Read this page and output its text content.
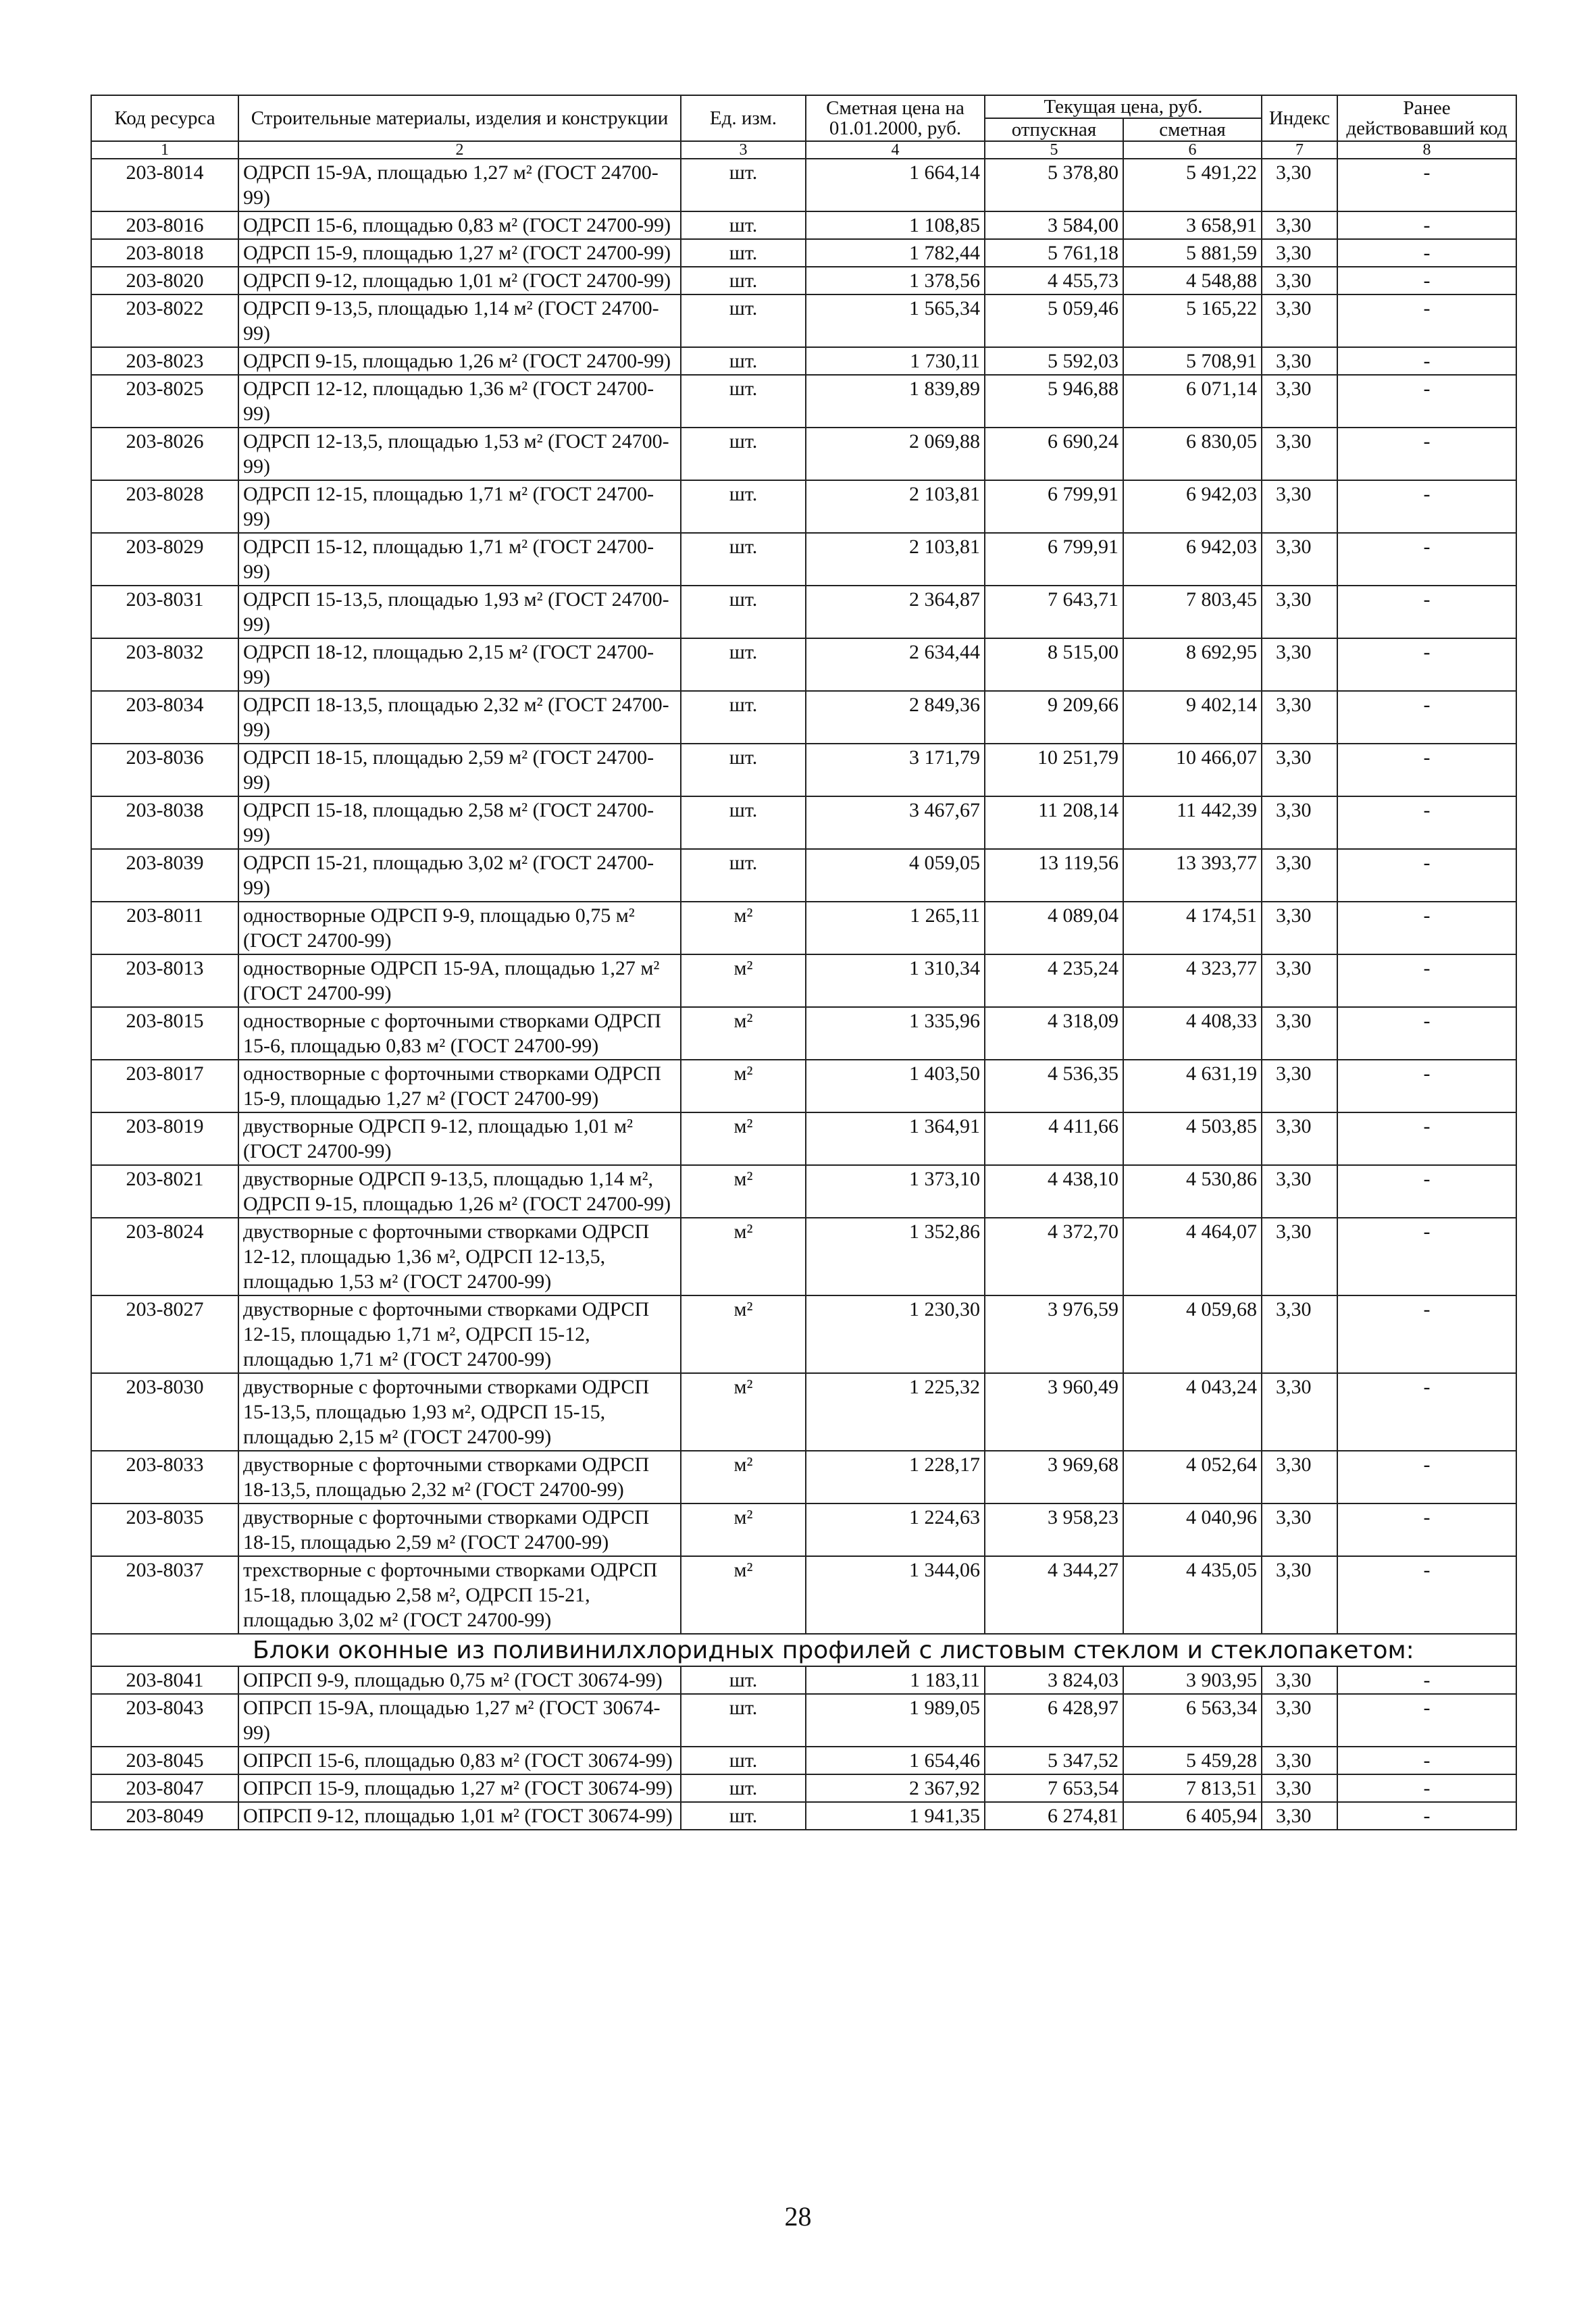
Код ресурса	Строительные материалы, изделия и конструкции	Ед. изм.	Сметная цена на 01.01.2000, руб.	Текущая цена, руб.		Индекс	Ранее действовавший код
				отпускная	сметная		
1	2	3	4	5	6	7	8
203-8014	ОДРСП 15-9А, площадью 1,27 м² (ГОСТ 24700-99)	шт.	1 664,14	5 378,80	5 491,22	3,30	-
203-8016	ОДРСП 15-6, площадью 0,83 м² (ГОСТ 24700-99)	шт.	1 108,85	3 584,00	3 658,91	3,30	-
203-8018	ОДРСП 15-9, площадью 1,27 м² (ГОСТ 24700-99)	шт.	1 782,44	5 761,18	5 881,59	3,30	-
203-8020	ОДРСП 9-12, площадью 1,01 м² (ГОСТ 24700-99)	шт.	1 378,56	4 455,73	4 548,88	3,30	-
203-8022	ОДРСП 9-13,5, площадью 1,14 м² (ГОСТ 24700-99)	шт.	1 565,34	5 059,46	5 165,22	3,30	-
203-8023	ОДРСП 9-15, площадью 1,26 м² (ГОСТ 24700-99)	шт.	1 730,11	5 592,03	5 708,91	3,30	-
203-8025	ОДРСП 12-12, площадью 1,36 м² (ГОСТ 24700-99)	шт.	1 839,89	5 946,88	6 071,14	3,30	-
203-8026	ОДРСП 12-13,5, площадью 1,53 м² (ГОСТ 24700-99)	шт.	2 069,88	6 690,24	6 830,05	3,30	-
203-8028	ОДРСП 12-15, площадью 1,71 м² (ГОСТ 24700-99)	шт.	2 103,81	6 799,91	6 942,03	3,30	-
203-8029	ОДРСП 15-12, площадью 1,71 м² (ГОСТ 24700-99)	шт.	2 103,81	6 799,91	6 942,03	3,30	-
203-8031	ОДРСП 15-13,5, площадью 1,93 м² (ГОСТ 24700-99)	шт.	2 364,87	7 643,71	7 803,45	3,30	-
203-8032	ОДРСП 18-12, площадью 2,15 м² (ГОСТ 24700-99)	шт.	2 634,44	8 515,00	8 692,95	3,30	-
203-8034	ОДРСП 18-13,5, площадью 2,32 м² (ГОСТ 24700-99)	шт.	2 849,36	9 209,66	9 402,14	3,30	-
203-8036	ОДРСП 18-15, площадью 2,59 м² (ГОСТ 24700-99)	шт.	3 171,79	10 251,79	10 466,07	3,30	-
203-8038	ОДРСП 15-18, площадью 2,58 м² (ГОСТ 24700-99)	шт.	3 467,67	11 208,14	11 442,39	3,30	-
203-8039	ОДРСП 15-21, площадью 3,02 м² (ГОСТ 24700-99)	шт.	4 059,05	13 119,56	13 393,77	3,30	-
203-8011	одностворные ОДРСП 9-9, площадью 0,75 м² (ГОСТ 24700-99)	м²	1 265,11	4 089,04	4 174,51	3,30	-
203-8013	одностворные ОДРСП 15-9А, площадью 1,27 м² (ГОСТ 24700-99)	м²	1 310,34	4 235,24	4 323,77	3,30	-
203-8015	одностворные с форточными створками ОДРСП 15-6, площадью 0,83 м² (ГОСТ 24700-99)	м²	1 335,96	4 318,09	4 408,33	3,30	-
203-8017	одностворные с форточными створками ОДРСП 15-9, площадью 1,27 м² (ГОСТ 24700-99)	м²	1 403,50	4 536,35	4 631,19	3,30	-
203-8019	двустворные ОДРСП 9-12, площадью 1,01 м² (ГОСТ 24700-99)	м²	1 364,91	4 411,66	4 503,85	3,30	-
203-8021	двустворные ОДРСП 9-13,5, площадью 1,14 м², ОДРСП 9-15, площадью 1,26 м² (ГОСТ 24700-99)	м²	1 373,10	4 438,10	4 530,86	3,30	-
203-8024	двустворные с форточными створками ОДРСП 12-12, площадью 1,36 м², ОДРСП 12-13,5, площадью 1,53 м² (ГОСТ 24700-99)	м²	1 352,86	4 372,70	4 464,07	3,30	-
203-8027	двустворные с форточными створками ОДРСП 12-15, площадью 1,71 м², ОДРСП 15-12, площадью 1,71 м² (ГОСТ 24700-99)	м²	1 230,30	3 976,59	4 059,68	3,30	-
203-8030	двустворные с форточными створками ОДРСП 15-13,5, площадью 1,93 м², ОДРСП 15-15, площадью 2,15 м² (ГОСТ 24700-99)	м²	1 225,32	3 960,49	4 043,24	3,30	-
203-8033	двустворные с форточными створками ОДРСП 18-13,5, площадью 2,32 м² (ГОСТ 24700-99)	м²	1 228,17	3 969,68	4 052,64	3,30	-
203-8035	двустворные с форточными створками ОДРСП 18-15, площадью 2,59 м² (ГОСТ 24700-99)	м²	1 224,63	3 958,23	4 040,96	3,30	-
203-8037	трехстворные с форточными створками ОДРСП 15-18, площадью 2,58 м², ОДРСП 15-21, площадью 3,02 м² (ГОСТ 24700-99)	м²	1 344,06	4 344,27	4 435,05	3,30	-
Блоки оконные из поливинилхлоридных профилей с листовым стеклом и стеклопакетом:							
203-8041	ОПРСП 9-9, площадью 0,75 м² (ГОСТ 30674-99)	шт.	1 183,11	3 824,03	3 903,95	3,30	-
203-8043	ОПРСП 15-9А, площадью 1,27 м² (ГОСТ 30674-99)	шт.	1 989,05	6 428,97	6 563,34	3,30	-
203-8045	ОПРСП 15-6, площадью 0,83 м² (ГОСТ 30674-99)	шт.	1 654,46	5 347,52	5 459,28	3,30	-
203-8047	ОПРСП 15-9, площадью 1,27 м² (ГОСТ 30674-99)	шт.	2 367,92	7 653,54	7 813,51	3,30	-
203-8049	ОПРСП 9-12, площадью 1,01 м² (ГОСТ 30674-99)	шт.	1 941,35	6 274,81	6 405,94	3,30	-
28
